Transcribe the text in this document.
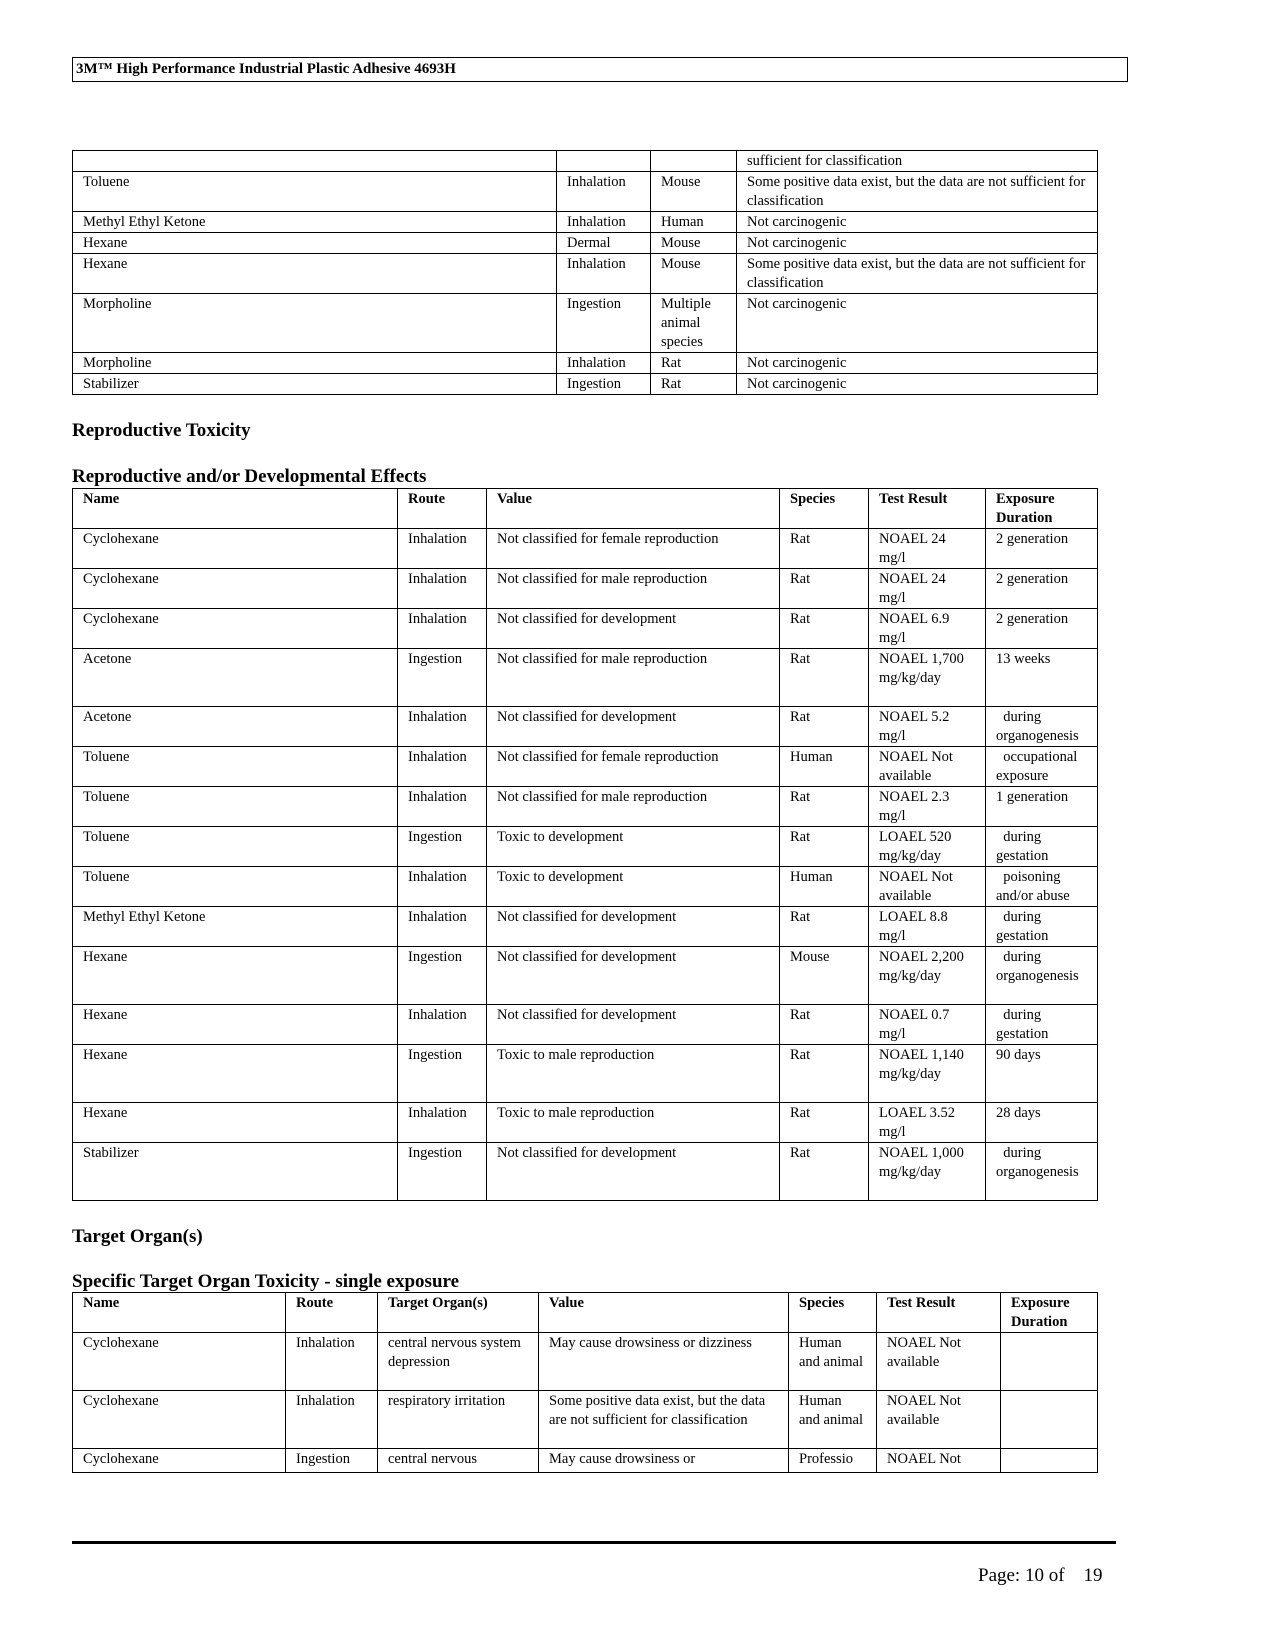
3M™ High Performance Industrial Plastic Adhesive 4693H
			sufficient for classification
Toluene	Inhalation	Mouse	Some positive data exist, but the data are not sufficient for classification
Methyl Ethyl Ketone	Inhalation	Human	Not carcinogenic
Hexane	Dermal	Mouse	Not carcinogenic
Hexane	Inhalation	Mouse	Some positive data exist, but the data are not sufficient for classification
Morpholine	Ingestion	Multiple animal species	Not carcinogenic
Morpholine	Inhalation	Rat	Not carcinogenic
Stabilizer	Ingestion	Rat	Not carcinogenic
Reproductive Toxicity
Reproductive and/or Developmental Effects
Name	Route	Value	Species	Test Result	Exposure Duration
Cyclohexane	Inhalation	Not classified for female reproduction	Rat	NOAEL 24 mg/l	2 generation
Cyclohexane	Inhalation	Not classified for male reproduction	Rat	NOAEL 24 mg/l	2 generation
Cyclohexane	Inhalation	Not classified for development	Rat	NOAEL 6.9 mg/l	2 generation
Acetone	Ingestion	Not classified for male reproduction	Rat	NOAEL 1,700 mg/kg/day	13 weeks
Acetone	Inhalation	Not classified for development	Rat	NOAEL 5.2 mg/l	during organogenesis
Toluene	Inhalation	Not classified for female reproduction	Human	NOAEL Not available	occupational exposure
Toluene	Inhalation	Not classified for male reproduction	Rat	NOAEL 2.3 mg/l	1 generation
Toluene	Ingestion	Toxic to development	Rat	LOAEL 520 mg/kg/day	during gestation
Toluene	Inhalation	Toxic to development	Human	NOAEL Not available	poisoning and/or abuse
Methyl Ethyl Ketone	Inhalation	Not classified for development	Rat	LOAEL 8.8 mg/l	during gestation
Hexane	Ingestion	Not classified for development	Mouse	NOAEL 2,200 mg/kg/day	during organogenesis
Hexane	Inhalation	Not classified for development	Rat	NOAEL 0.7 mg/l	during gestation
Hexane	Ingestion	Toxic to male reproduction	Rat	NOAEL 1,140 mg/kg/day	90 days
Hexane	Inhalation	Toxic to male reproduction	Rat	LOAEL 3.52 mg/l	28 days
Stabilizer	Ingestion	Not classified for development	Rat	NOAEL 1,000 mg/kg/day	during organogenesis
Target Organ(s)
Specific Target Organ Toxicity - single exposure
Name	Route	Target Organ(s)	Value	Species	Test Result	Exposure Duration
Cyclohexane	Inhalation	central nervous system depression	May cause drowsiness or dizziness	Human and animal	NOAEL Not available	
Cyclohexane	Inhalation	respiratory irritation	Some positive data exist, but the data are not sufficient for classification	Human and animal	NOAEL Not available	
Cyclohexane	Ingestion	central nervous	May cause drowsiness or	Professio	NOAEL Not	
Page: 10 of    19
